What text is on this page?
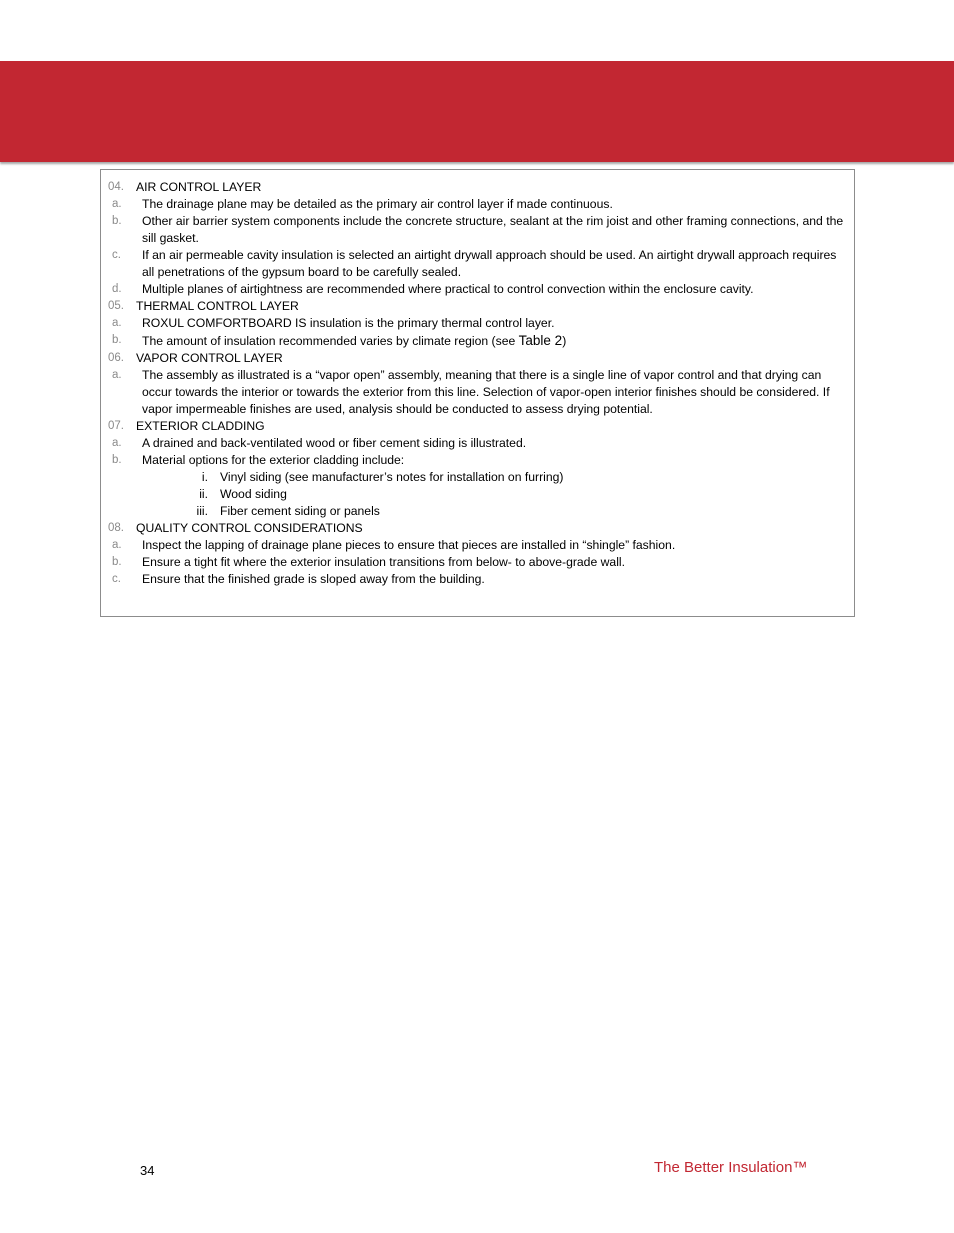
04. AIR CONTROL LAYER
a. The drainage plane may be detailed as the primary air control layer if made continuous.
b. Other air barrier system components include the concrete structure, sealant at the rim joist and other framing connections, and the sill gasket.
c. If an air permeable cavity insulation is selected an airtight drywall approach should be used. An airtight drywall approach requires all penetrations of the gypsum board to be carefully sealed.
d. Multiple planes of airtightness are recommended where practical to control convection within the enclosure cavity.
05. THERMAL CONTROL LAYER
a. ROXUL COMFORTBOARD IS insulation is the primary thermal control layer.
b. The amount of insulation recommended varies by climate region (see Table 2)
06. VAPOR CONTROL LAYER
a. The assembly as illustrated is a “vapor open” assembly, meaning that there is a single line of vapor control and that drying can occur towards the interior or towards the exterior from this line. Selection of vapor-open interior finishes should be considered. If vapor impermeable finishes are used, analysis should be conducted to assess drying potential.
07. EXTERIOR CLADDING
a. A drained and back-ventilated wood or fiber cement siding is illustrated.
b. Material options for the exterior cladding include:
i. Vinyl siding (see manufacturer’s notes for installation on furring)
ii. Wood siding
iii. Fiber cement siding or panels
08. QUALITY CONTROL CONSIDERATIONS
a. Inspect the lapping of drainage plane pieces to ensure that pieces are installed in “shingle” fashion.
b. Ensure a tight fit where the exterior insulation transitions from below- to above-grade wall.
c. Ensure that the finished grade is sloped away from the building.
34	The Better Insulation™
